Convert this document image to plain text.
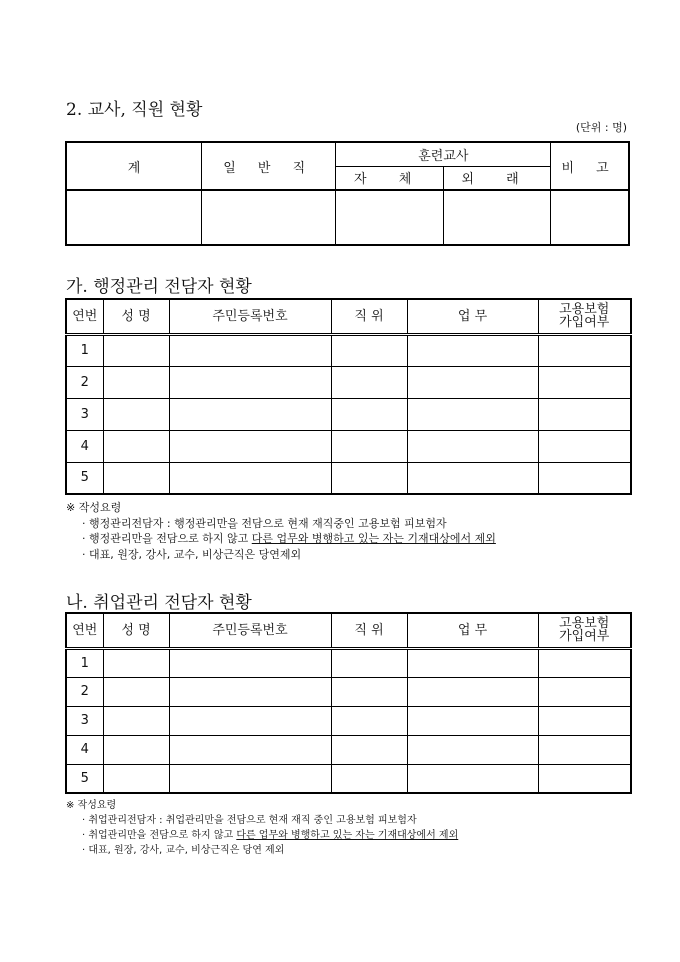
2. 교사, 직원 현황
(단위 : 명)
계	일 반 직	훈련교사		비 고
		자 체	외 래	

가. 행정관리 전담자 현황
연번	성 명	주민등록번호	직 위	업 무	고용보험
가입여부
1					
2					
3					
4					
5					
※ 작성요령
· 행정관리전담자 : 행정관리만을 전담으로 현재 재직중인 고용보험 피보험자
· 행정관리만을 전담으로 하지 않고 다른 업무와 병행하고 있는 자는 기재대상에서 제외
· 대표, 원장, 강사, 교수, 비상근직은 당연제외
나. 취업관리 전담자 현황
연번	성 명	주민등록번호	직 위	업 무	고용보험
가입여부
1					
2					
3					
4					
5					
※ 작성요령
· 취업관리전담자 : 취업관리만을 전담으로 현재 재직 중인 고용보험 피보험자
· 취업관리만을 전담으로 하지 않고 다른 업무와 병행하고 있는 자는 기재대상에서 제외
· 대표, 원장, 강사, 교수, 비상근직은 당연 제외
